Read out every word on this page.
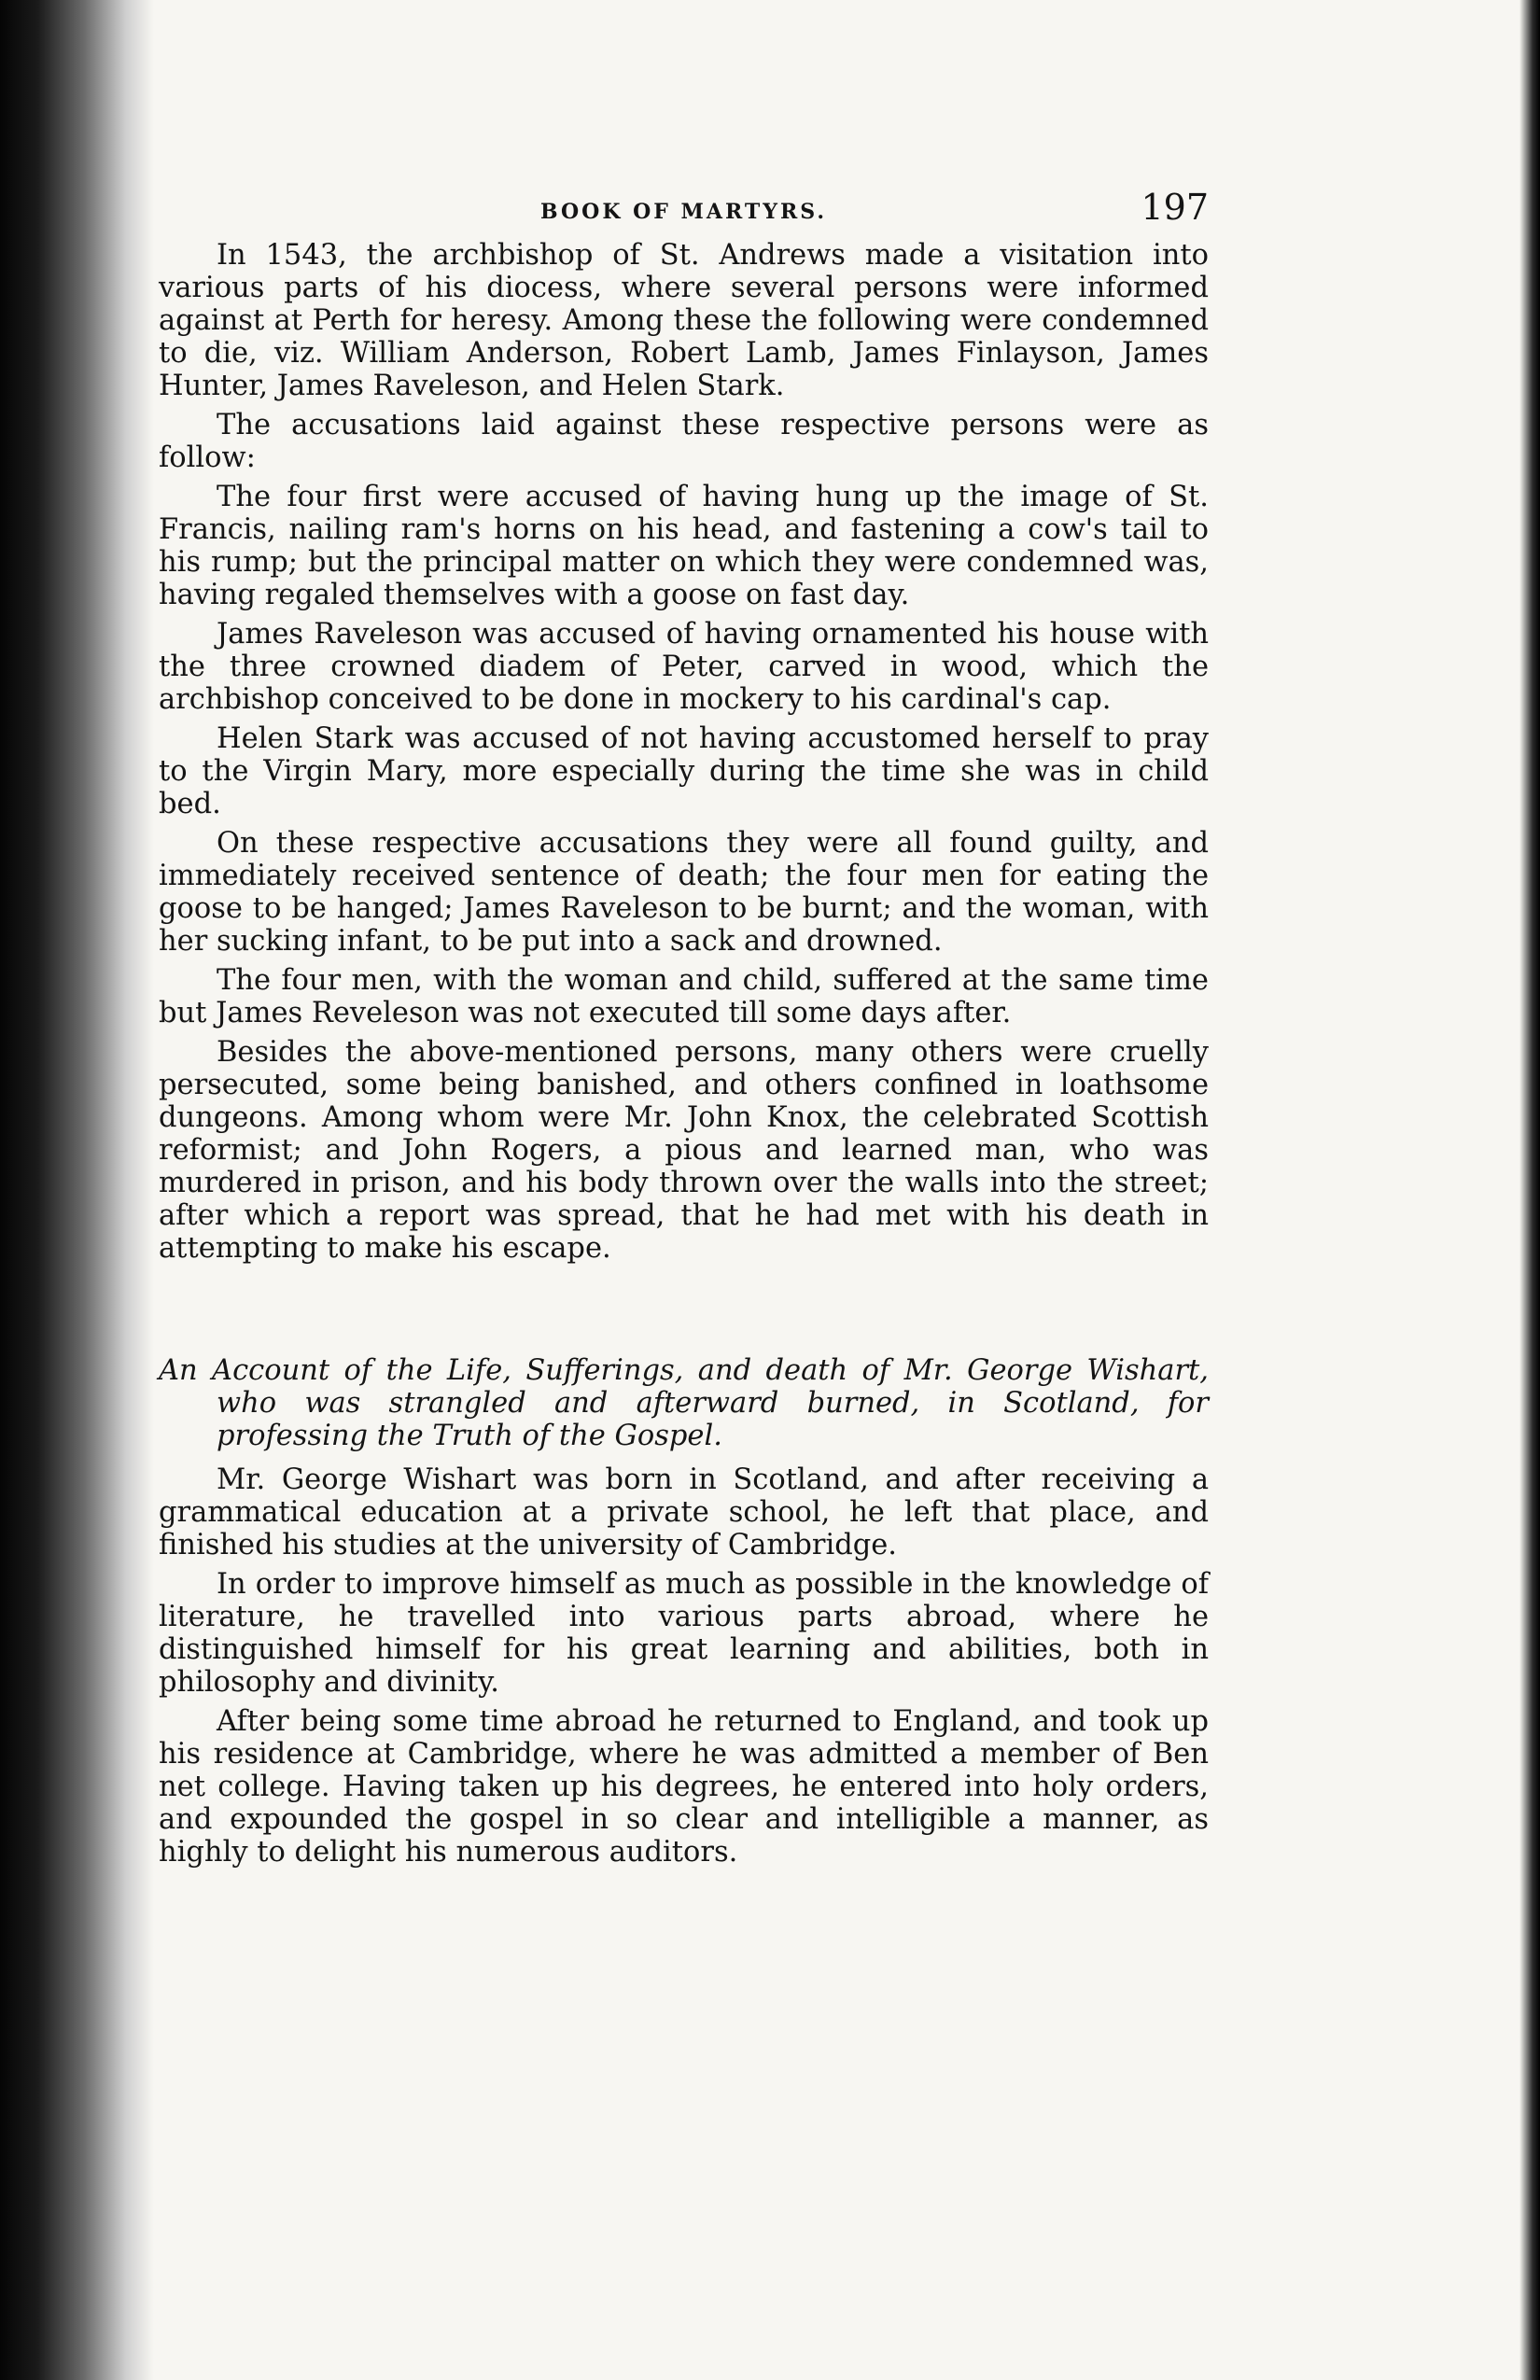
BOOK OF MARTYRS.	197

In 1543, the archbishop of St. Andrews made a visitation into various parts of his diocess, where several persons were informed against at Perth for heresy. Among these the following were condemned to die, viz. William Anderson, Robert Lamb, James Finlayson, James Hunter, James Raveleson, and Helen Stark.

The accusations laid against these respective persons were as follow:

The four first were accused of having hung up the image of St. Francis, nailing ram's horns on his head, and fastening a cow's tail to his rump; but the principal matter on which they were condemned was, having regaled themselves with a goose on fast day.

James Raveleson was accused of having ornamented his house with the three crowned diadem of Peter, carved in wood, which the archbishop conceived to be done in mockery to his cardinal's cap.

Helen Stark was accused of not having accustomed herself to pray to the Virgin Mary, more especially during the time she was in child bed.

On these respective accusations they were all found guilty, and immediately received sentence of death; the four men for eating the goose to be hanged; James Raveleson to be burnt; and the woman, with her sucking infant, to be put into a sack and drowned.

The four men, with the woman and child, suffered at the same time but James Reveleson was not executed till some days after.

Besides the above-mentioned persons, many others were cruelly persecuted, some being banished, and others confined in loathsome dungeons. Among whom were Mr. John Knox, the celebrated Scottish reformist; and John Rogers, a pious and learned man, who was murdered in prison, and his body thrown over the walls into the street; after which a report was spread, that he had met with his death in attempting to make his escape.

An Account of the Life, Sufferings, and death of Mr. George Wishart, who was strangled and afterward burned, in Scotland, for professing the Truth of the Gospel.

Mr. George Wishart was born in Scotland, and after receiving a grammatical education at a private school, he left that place, and finished his studies at the university of Cambridge.

In order to improve himself as much as possible in the knowledge of literature, he travelled into various parts abroad, where he distinguished himself for his great learning and abilities, both in philosophy and divinity.

After being some time abroad he returned to England, and took up his residence at Cambridge, where he was admitted a member of Ben net college. Having taken up his degrees, he entered into holy orders, and expounded the gospel in so clear and intelligible a manner, as highly to delight his numerous auditors.
